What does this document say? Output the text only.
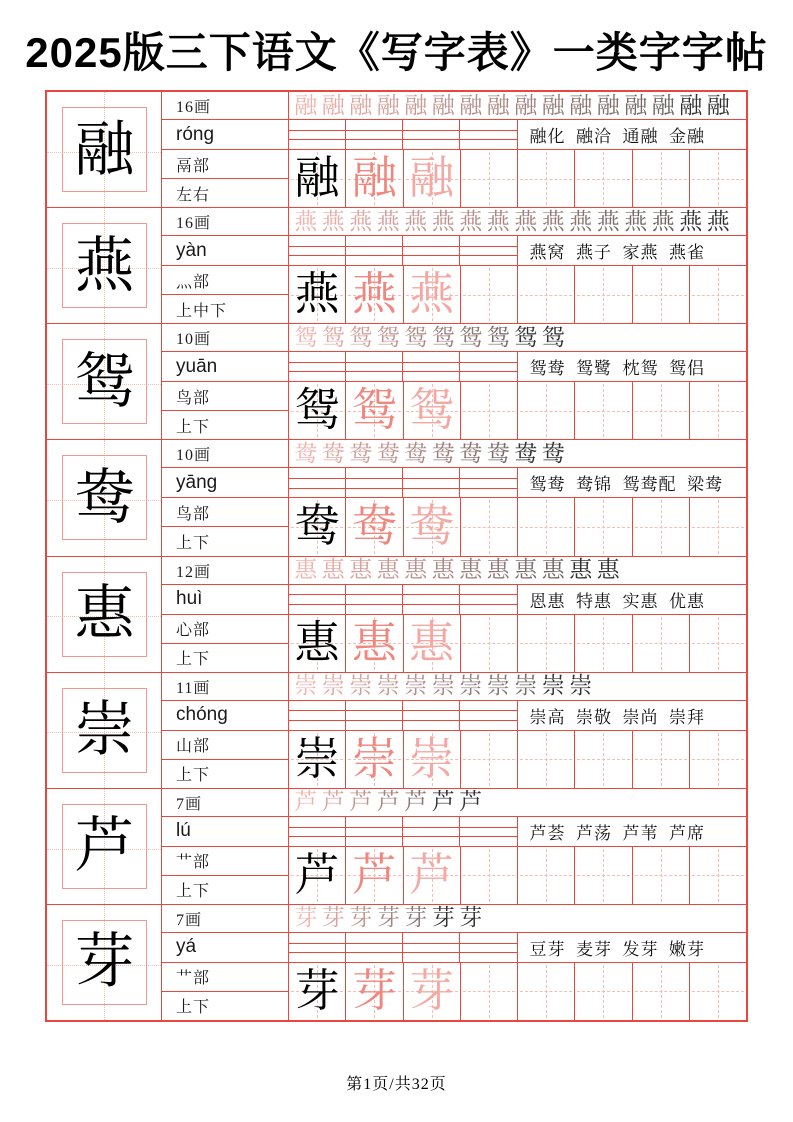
2025版三下语文《写字表》一类字字帖
融
16画
róng
鬲部
左右
融 融 融 融 融 融 融 融 融 融 融 融 融 融 融 融
融化  融洽  通融  金融
融 融 融
燕
16画
yàn
灬部
上中下
燕 燕 燕 燕 燕 燕 燕 燕 燕 燕 燕 燕 燕 燕 燕 燕
燕窝  燕子  家燕  燕雀
燕 燕 燕
鸳
10画
yuān
鸟部
上下
鸳 鸳 鸳 鸳 鸳 鸳 鸳 鸳 鸳 鸳
鸳鸯  鸳鹭  枕鸳  鸳侣
鸳 鸳 鸳
鸯
10画
yāng
鸟部
上下
鸯 鸯 鸯 鸯 鸯 鸯 鸯 鸯 鸯 鸯
鸳鸯  鸯锦  鸳鸯配  梁鸯
鸯 鸯 鸯
惠
12画
huì
心部
上下
惠 惠 惠 惠 惠 惠 惠 惠 惠 惠 惠 惠
恩惠  特惠  实惠  优惠
惠 惠 惠
崇
11画
chóng
山部
上下
崇 崇 崇 崇 崇 崇 崇 崇 崇 崇 崇
崇高  崇敬  崇尚  崇拜
崇 崇 崇
芦
7画
lú
艹部
上下
芦 芦 芦 芦 芦 芦 芦
芦荟  芦荡  芦苇  芦席
芦 芦 芦
芽
7画
yá
艹部
上下
芽 芽 芽 芽 芽 芽 芽
豆芽  麦芽  发芽  嫩芽
芽 芽 芽
第1页/共32页
